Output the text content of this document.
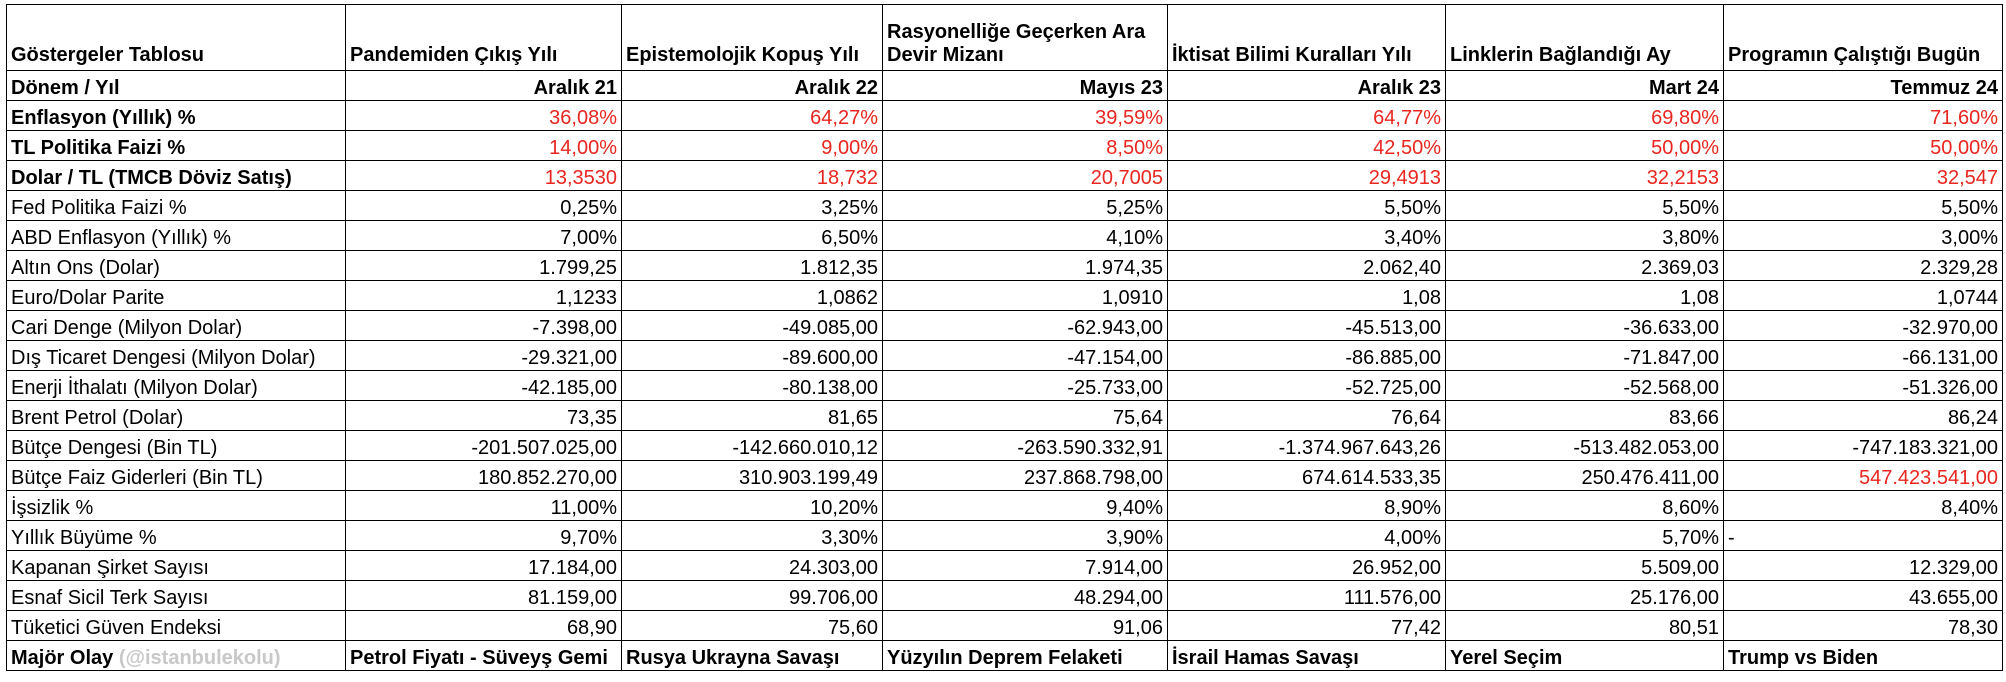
Göstergeler Tablosu	Pandemiden Çıkış Yılı	Epistemolojik Kopuş Yılı	Rasyonelliğe Geçerken Ara Devir Mizanı	İktisat Bilimi Kuralları Yılı	Linklerin Bağlandığı Ay	Programın Çalıştığı Bugün
Dönem / Yıl	Aralık 21	Aralık 22	Mayıs 23	Aralık 23	Mart 24	Temmuz 24
Enflasyon (Yıllık) %	36,08%	64,27%	39,59%	64,77%	69,80%	71,60%
TL Politika Faizi %	14,00%	9,00%	8,50%	42,50%	50,00%	50,00%
Dolar / TL (TMCB Döviz Satış)	13,3530	18,732	20,7005	29,4913	32,2153	32,547
Fed Politika Faizi %	0,25%	3,25%	5,25%	5,50%	5,50%	5,50%
ABD Enflasyon (Yıllık) %	7,00%	6,50%	4,10%	3,40%	3,80%	3,00%
Altın Ons (Dolar)	1.799,25	1.812,35	1.974,35	2.062,40	2.369,03	2.329,28
Euro/Dolar Parite	1,1233	1,0862	1,0910	1,08	1,08	1,0744
Cari Denge (Milyon Dolar)	-7.398,00	-49.085,00	-62.943,00	-45.513,00	-36.633,00	-32.970,00
Dış Ticaret Dengesi (Milyon Dolar)	-29.321,00	-89.600,00	-47.154,00	-86.885,00	-71.847,00	-66.131,00
Enerji İthalatı (Milyon Dolar)	-42.185,00	-80.138,00	-25.733,00	-52.725,00	-52.568,00	-51.326,00
Brent Petrol (Dolar)	73,35	81,65	75,64	76,64	83,66	86,24
Bütçe Dengesi (Bin TL)	-201.507.025,00	-142.660.010,12	-263.590.332,91	-1.374.967.643,26	-513.482.053,00	-747.183.321,00
Bütçe Faiz Giderleri (Bin TL)	180.852.270,00	310.903.199,49	237.868.798,00	674.614.533,35	250.476.411,00	547.423.541,00
İşsizlik %	11,00%	10,20%	9,40%	8,90%	8,60%	8,40%
Yıllık Büyüme %	9,70%	3,30%	3,90%	4,00%	5,70%	-
Kapanan Şirket Sayısı	17.184,00	24.303,00	7.914,00	26.952,00	5.509,00	12.329,00
Esnaf Sicil Terk Sayısı	81.159,00	99.706,00	48.294,00	111.576,00	25.176,00	43.655,00
Tüketici Güven Endeksi	68,90	75,60	91,06	77,42	80,51	78,30
Majör Olay (@istanbulekolu)	Petrol Fiyatı - Süveyş Gemi	Rusya Ukrayna Savaşı	Yüzyılın Deprem Felaketi	İsrail Hamas Savaşı	Yerel Seçim	Trump vs Biden
